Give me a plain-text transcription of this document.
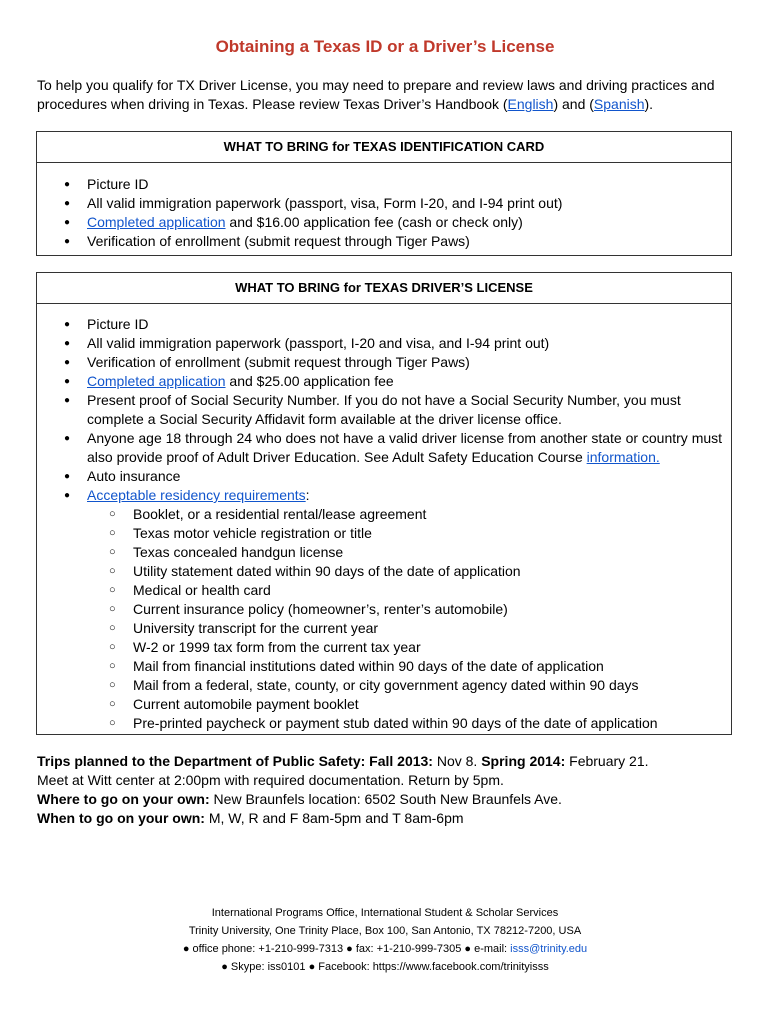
Obtaining a Texas ID or a Driver’s License
To help you qualify for TX Driver License, you may need to prepare and review laws and driving practices and procedures when driving in Texas. Please review Texas Driver’s Handbook (English) and (Spanish).
WHAT TO BRING for TEXAS IDENTIFICATION CARD
● Picture ID
● All valid immigration paperwork (passport, visa, Form I-20, and I-94 print out)
● Completed application and $16.00 application fee (cash or check only)
● Verification of enrollment (submit request through Tiger Paws)
WHAT TO BRING for TEXAS DRIVER’S LICENSE
● Picture ID
● All valid immigration paperwork (passport, I-20 and visa, and I-94 print out)
● Verification of enrollment (submit request through Tiger Paws)
● Completed application and $25.00 application fee
● Present proof of Social Security Number. If you do not have a Social Security Number, you must complete a Social Security Affidavit form available at the driver license office.
● Anyone age 18 through 24 who does not have a valid driver license from another state or country must also provide proof of Adult Driver Education. See Adult Safety Education Course information.
● Auto insurance
● Acceptable residency requirements:
○ Booklet, or a residential rental/lease agreement
○ Texas motor vehicle registration or title
○ Texas concealed handgun license
○ Utility statement dated within 90 days of the date of application
○ Medical or health card
○ Current insurance policy (homeowner’s, renter’s automobile)
○ University transcript for the current year
○ W-2 or 1999 tax form from the current tax year
○ Mail from financial institutions dated within 90 days of the date of application
○ Mail from a federal, state, county, or city government agency dated within 90 days
○ Current automobile payment booklet
○ Pre-printed paycheck or payment stub dated within 90 days of the date of application
Trips planned to the Department of Public Safety: Fall 2013: Nov 8. Spring 2014: February 21.
Meet at Witt center at 2:00pm with required documentation. Return by 5pm.
Where to go on your own: New Braunfels location: 6502 South New Braunfels Ave.
When to go on your own: M, W, R and F 8am-5pm and T 8am-6pm
International Programs Office, International Student & Scholar Services
Trinity University, One Trinity Place, Box 100, San Antonio, TX 78212-7200, USA
● office phone: +1-210-999-7313 ● fax: +1-210-999-7305 ● e-mail: isss@trinity.edu
● Skype: iss0101 ● Facebook: https://www.facebook.com/trinityisss
